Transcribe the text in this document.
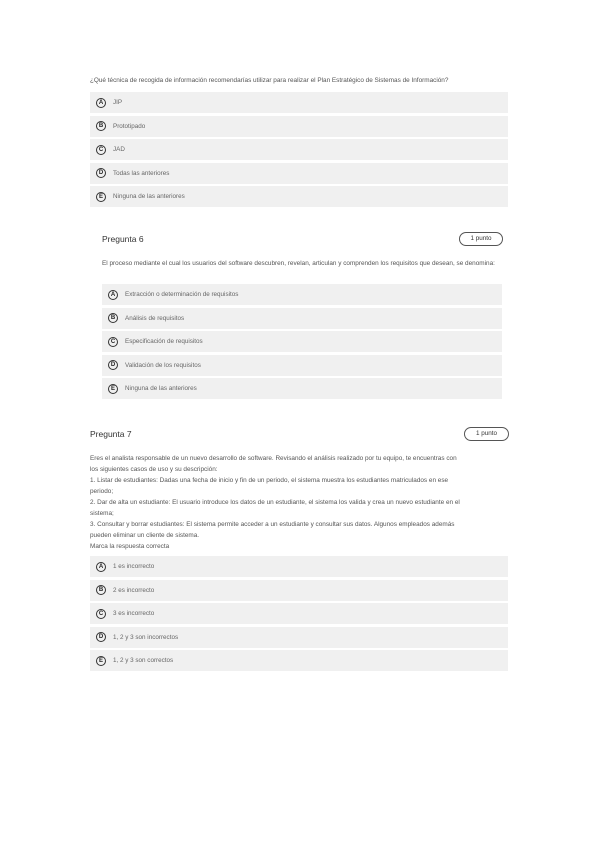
¿Qué técnica de recogida de información recomendarías utilizar para realizar el Plan Estratégico de Sistemas de Información?
A	JIP
B	Prototipado
C	JAD
D	Todas las anteriores
E	Ninguna de las anteriores
Pregunta 6	1 punto
El proceso mediante el cual los usuarios del software descubren, revelan, articulan y comprenden los requisitos que desean, se denomina:
A	Extracción o determinación de requisitos
B	Análisis de requisitos
C	Especificación de requisitos
D	Validación de los requisitos
E	Ninguna de las anteriores
Pregunta 7	1 punto

Eres el analista responsable de un nuevo desarrollo de software. Revisando el análisis realizado por tu equipo, te encuentras con

los siguientes casos de uso y su descripción:

1. Listar de estudiantes: Dadas una fecha de inicio y fin de un periodo, el sistema muestra los estudiantes matriculados en ese

periodo;

2. Dar de alta un estudiante: El usuario introduce los datos de un estudiante, el sistema los valida y crea un nuevo estudiante en el

sistema;

3. Consultar y borrar estudiantes: El sistema permite acceder a un estudiante y consultar sus datos. Algunos empleados además

pueden eliminar un cliente de sistema.

Marca la respuesta correcta

A	1 es incorrecto
B	2 es incorrecto
C	3 es incorrecto
D	1, 2 y 3 son incorrectos
E	1, 2 y 3 son correctos
